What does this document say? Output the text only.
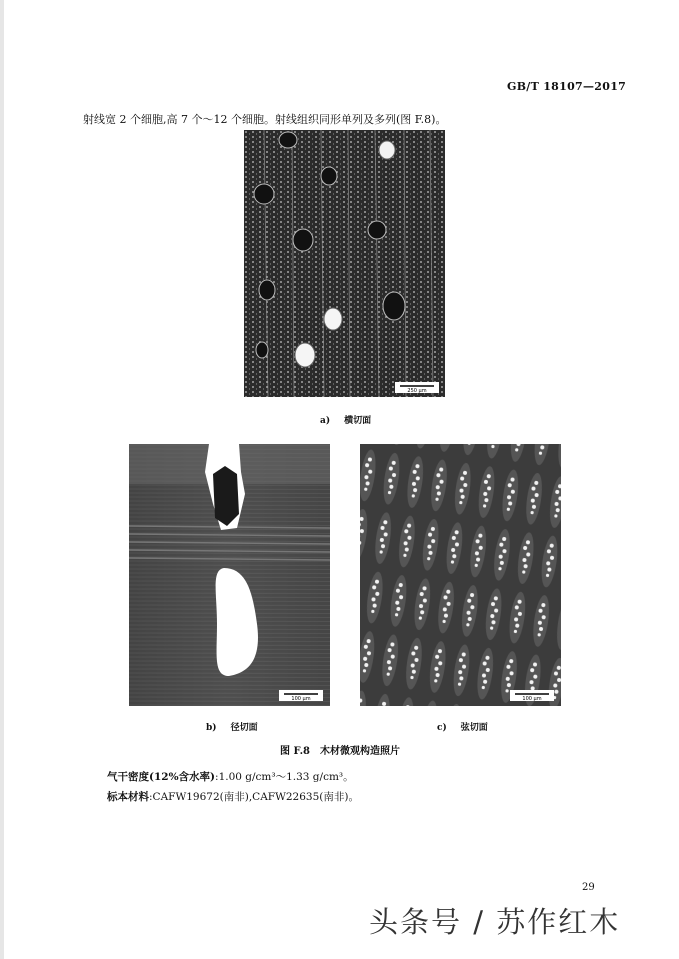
GB/T 18107—2017
射线宽 2 个细胞,高 7 个～12 个细胞。射线组织同形单列及多列(图 F.8)。
250 μm
a) 横切面
100 μm
b) 径切面
100 μm
c) 弦切面
图 F.8　木材微观构造照片
气干密度(12%含水率):1.00 g/cm³～1.33 g/cm³。
标本材料:CAFW19672(南非),CAFW22635(南非)。
29
头条号 / 苏作红木
